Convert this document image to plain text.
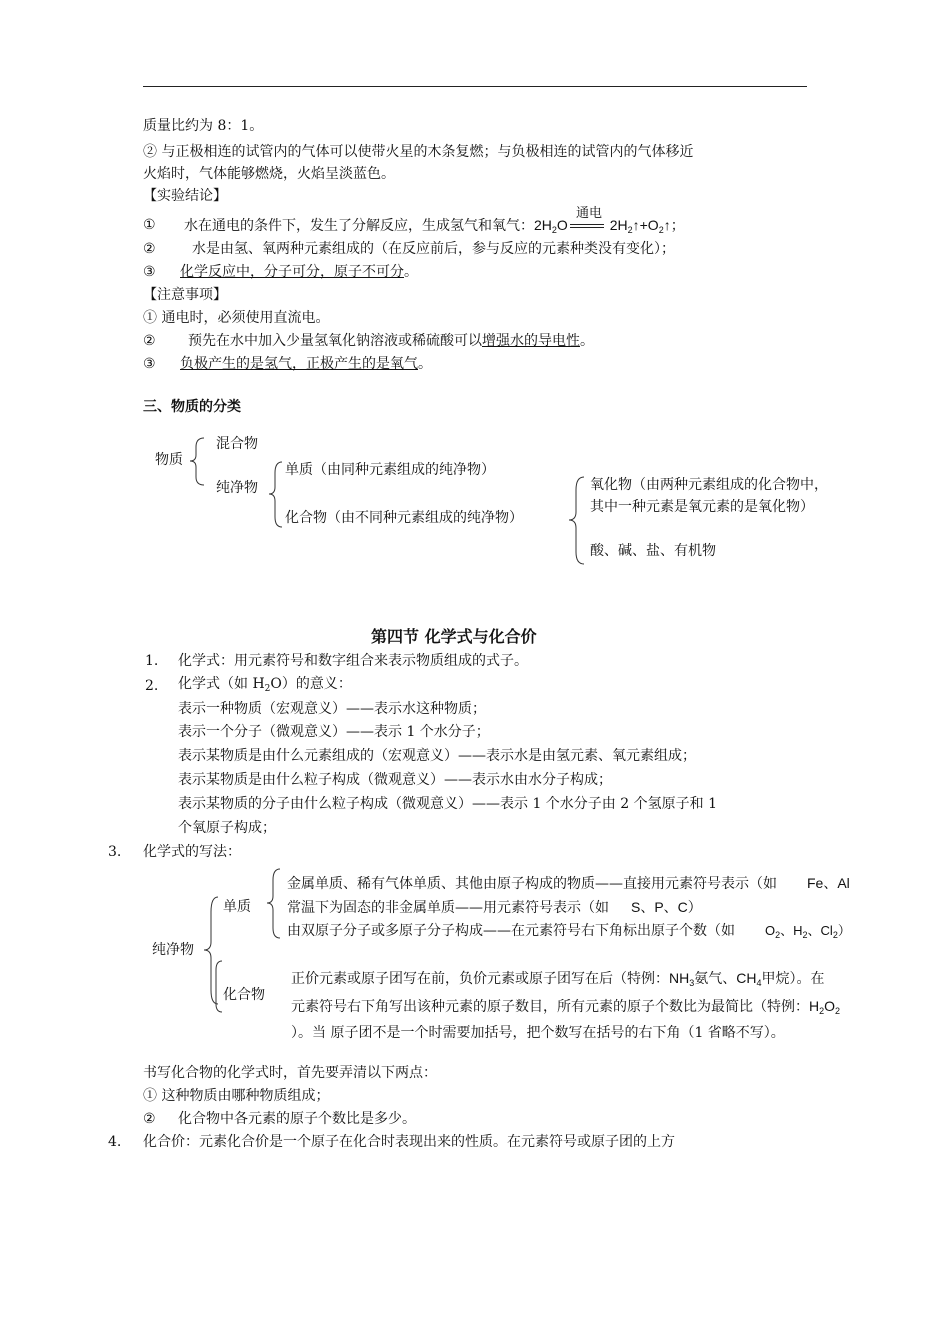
质量比约为 8：1。
② 与正极相连的试管内的气体可以使带火星的木条复燃；与负极相连的试管内的气体移近
火焰时，气体能够燃烧，火焰呈淡蓝色。
【实验结论】
① 水在通电的条件下，发生了分解反应，生成氢气和氧气：$2H_2O$
通电
$2H_2↑+O_2↑$；
②	水是由氢、氧两种元素组成的（在反应前后，参与反应的元素种类没有变化）；
③ 化学反应中，分子可分，原子不可分。
【注意事项】
① 通电时，必须使用直流电。
② 预先在水中加入少量氢氧化钠溶液或稀硫酸可以增强水的导电性。
③ 负极产生的是氢气，正极产生的是氧气。
三、物质的分类
物质
混合物
纯净物
单质（由同种元素组成的纯净物）
化合物（由不同种元素组成的纯净物）
氧化物（由两种元素组成的化合物中，
其中一种元素是氧元素的是氧化物）
酸、碱、盐、有机物
第四节 化学式与化合价
1. 化学式：用元素符号和数字组合来表示物质组成的式子。
2. 化学式（如 $H_2O$）的意义：
表示一种物质（宏观意义）——表示水这种物质；
表示一个分子（微观意义）——表示 1 个水分子；
表示某物质是由什么元素组成的（宏观意义）——表示水是由氢元素、氧元素组成；
表示某物质是由什么粒子构成（微观意义）——表示水由水分子构成；
表示某物质的分子由什么粒子构成（微观意义）——表示 1 个水分子由 2 个氢原子和 1
个氧原子构成；
3. 化学式的写法：
纯净物
单质
金属单质、稀有气体单质、其他由原子构成的物质——直接用元素符号表示（如 Fe、Al
常温下为固态的非金属单质——用元素符号表示（如 S、P、C）
由双原子分子或多原子分子构成——在元素符号右下角标出原子个数（如 $O_2$、$H_2$、$Cl_2$）
化合物
正价元素或原子团写在前，负价元素或原子团写在后（特例：$NH_3$氨气、$CH_4$甲烷）。在
元素符号右下角写出该种元素的原子数目，所有元素的原子个数比为最简比（特例：$H_2O_2$
）。当 原子团不是一个时需要加括号，把个数写在括号的右下角（1 省略不写）。
书写化合物的化学式时，首先要弄清以下两点：
① 这种物质由哪种物质组成；
② 化合物中各元素的原子个数比是多少。
4. 化合价：元素化合价是一个原子在化合时表现出来的性质。在元素符号或原子团的上方
